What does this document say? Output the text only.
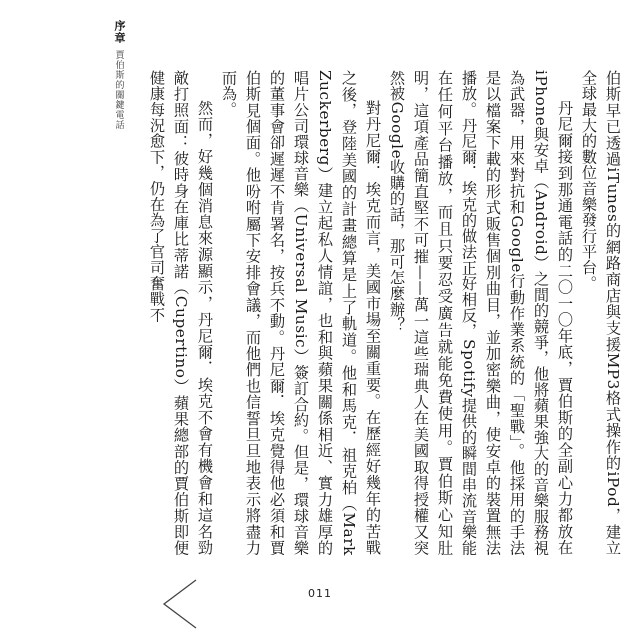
序章
賈伯斯的關鍵電話	伯斯早已透過iTunes的網路商店與支援MP3格式操作的iPod，建立全球最大的數位音樂發行平台。

丹尼爾接到那通電話的二〇一〇年底，賈伯斯的全副心力都放在iPhone與安卓（Android）之間的競爭，他將蘋果強大的音樂服務視為武器，用來對抗和Google行動作業系統的「聖戰」。他採用的手法是以檔案下載的形式販售個別曲目，並加密樂曲，使安卓的裝置無法播放。丹尼爾．埃克的做法正好相反，Spotify提供的瞬間串流音樂能在任何平台播放，而且只要忍受廣告就能免費使用。賈伯斯心知肚明，這項產品簡直堅不可摧——萬一這些瑞典人在美國取得授權又突然被Google收購的話，那可怎麼辦？

對丹尼爾．埃克而言，美國市場至關重要。在歷經好幾年的苦戰之後，登陸美國的計畫總算是上了軌道。他和馬克．祖克柏（Mark Zuckerberg）建立起私人情誼，也和與蘋果關係相近、實力雄厚的唱片公司環球音樂（Universal Music）簽訂合約。但是，環球音樂的董事會卻遲遲不肯署名，按兵不動。丹尼爾．埃克覺得他必須和賈伯斯見個面。他吩咐屬下安排會議，而他們也信誓旦旦地表示將盡力而為。

然而，好幾個消息來源顯示，丹尼爾．埃克不會有機會和這名勁敵打照面：彼時身在庫比蒂諾（Cupertino）蘋果總部的賈伯斯即便健康每況愈下，仍在為了官司奮戰不

011
